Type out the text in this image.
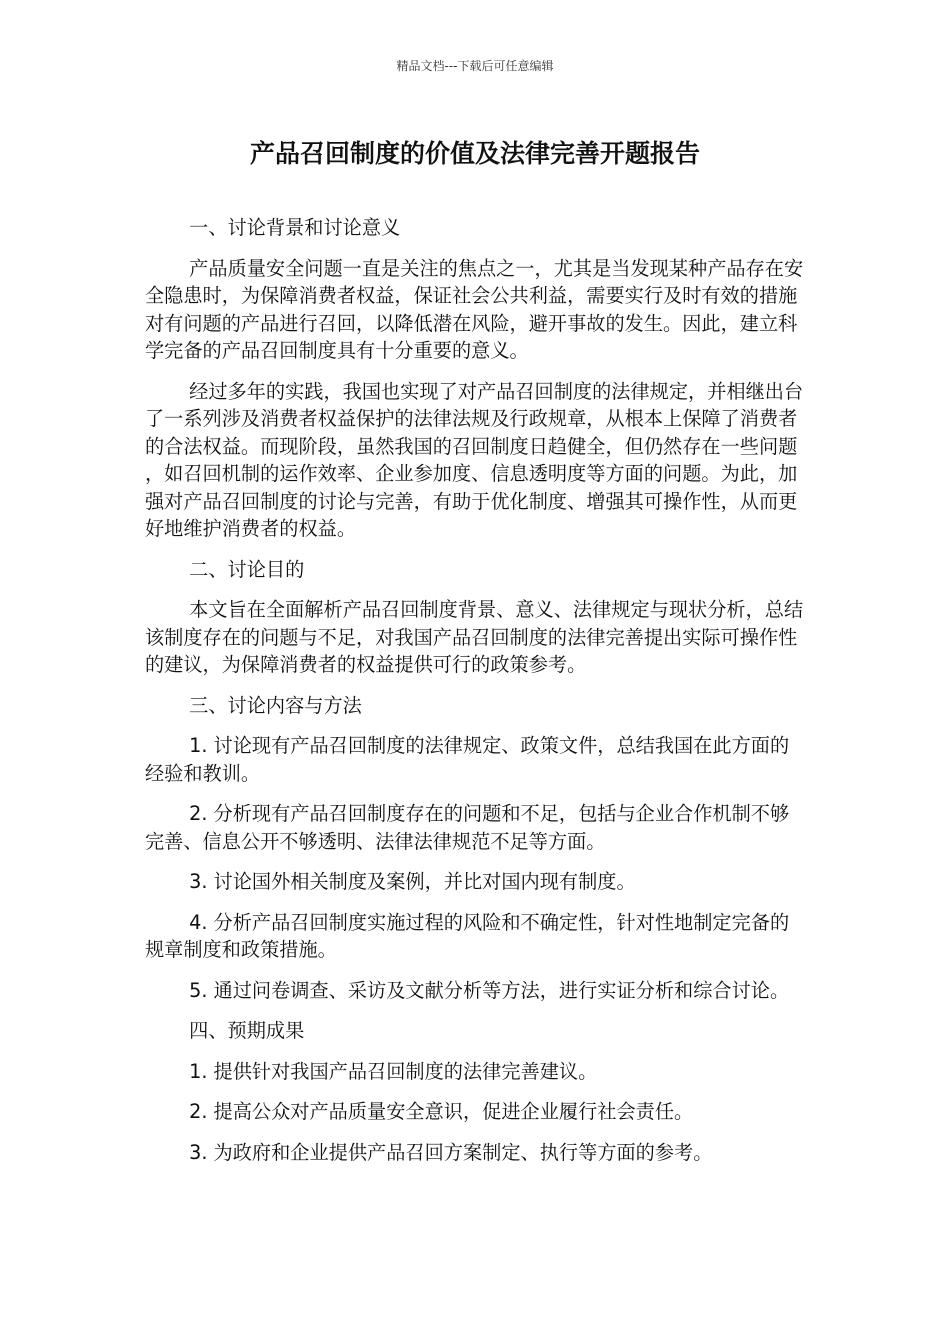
精品文档---下载后可任意编辑
产品召回制度的价值及法律完善开题报告

一、讨论背景和讨论意义

产品质量安全问题一直是关注的焦点之一，尤其是当发现某种产品存在安全隐患时，为保障消费者权益，保证社会公共利益，需要实行及时有效的措施对有问题的产品进行召回，以降低潜在风险，避开事故的发生。因此，建立科学完备的产品召回制度具有十分重要的意义。

经过多年的实践，我国也实现了对产品召回制度的法律规定，并相继出台了一系列涉及消费者权益保护的法律法规及行政规章，从根本上保障了消费者的合法权益。而现阶段，虽然我国的召回制度日趋健全，但仍然存在一些问题，如召回机制的运作效率、企业参加度、信息透明度等方面的问题。为此，加强对产品召回制度的讨论与完善，有助于优化制度、增强其可操作性，从而更好地维护消费者的权益。

二、讨论目的

本文旨在全面解析产品召回制度背景、意义、法律规定与现状分析，总结该制度存在的问题与不足，对我国产品召回制度的法律完善提出实际可操作性的建议，为保障消费者的权益提供可行的政策参考。

三、讨论内容与方法

1. 讨论现有产品召回制度的法律规定、政策文件，总结我国在此方面的经验和教训。

2. 分析现有产品召回制度存在的问题和不足，包括与企业合作机制不够完善、信息公开不够透明、法律法律规范不足等方面。

3. 讨论国外相关制度及案例，并比对国内现有制度。

4. 分析产品召回制度实施过程的风险和不确定性，针对性地制定完备的规章制度和政策措施。

5. 通过问卷调查、采访及文献分析等方法，进行实证分析和综合讨论。

四、预期成果

1. 提供针对我国产品召回制度的法律完善建议。

2. 提高公众对产品质量安全意识，促进企业履行社会责任。

3. 为政府和企业提供产品召回方案制定、执行等方面的参考。
